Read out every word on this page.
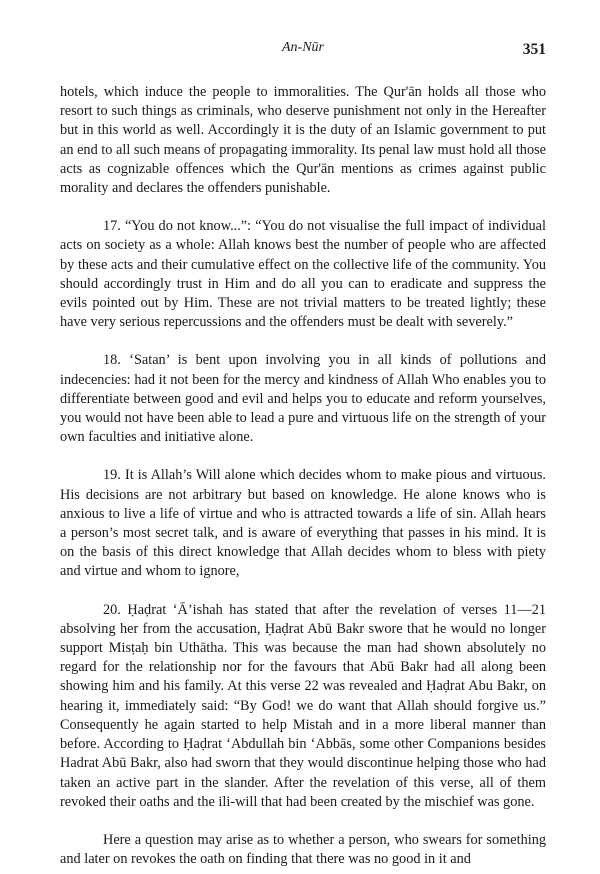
An-Nūr	351

hotels, which induce the people to immoralities. The Qur'ān holds all those who resort to such things as criminals, who deserve punishment not only in the Hereafter but in this world as well. Accordingly it is the duty of an Islamic government to put an end to all such means of propagating immorality. Its penal law must hold all those acts as cognizable offences which the Qur'ān mentions as crimes against public morality and declares the offenders punishable.

17. “You do not know...”: “You do not visualise the full impact of individual acts on society as a whole: Allah knows best the number of people who are affected by these acts and their cumulative effect on the collective life of the community. You should accordingly trust in Him and do all you can to eradicate and suppress the evils pointed out by Him. These are not trivial matters to be treated lightly; these have very serious repercussions and the offenders must be dealt with severely.”

18. ‘Satan’ is bent upon involving you in all kinds of pollutions and indecencies: had it not been for the mercy and kindness of Allah Who enables you to differentiate between good and evil and helps you to educate and reform yourselves, you would not have been able to lead a pure and virtuous life on the strength of your own faculties and initiative alone.

19. It is Allah’s Will alone which decides whom to make pious and virtuous. His decisions are not arbitrary but based on knowledge. He alone knows who is anxious to live a life of virtue and who is attracted towards a life of sin. Allah hears a person’s most secret talk, and is aware of everything that passes in his mind. It is on the basis of this direct knowledge that Allah decides whom to bless with piety and virtue and whom to ignore,

20. Ḥaḍrat ‘Ā’ishah has stated that after the revelation of verses 11—21 absolving her from the accusation, Ḥaḍrat Abū Bakr swore that he would no longer support Misṭaḥ bin Uthātha. This was because the man had shown absolutely no regard for the relationship nor for the favours that Abū Bakr had all along been showing him and his family. At this verse 22 was revealed and Ḥaḍrat Abu Bakr, on hearing it, immediately said: “By God! we do want that Allah should forgive us.” Consequently he again started to help Mistah and in a more liberal manner than before. According to Ḥaḍrat ‘Abdullah bin ‘Abbās, some other Companions besides Hadrat Abū Bakr, also had sworn that they would discontinue helping those who had taken an active part in the slander. After the revelation of this verse, all of them revoked their oaths and the ili-will that had been created by the mischief was gone.

Here a question may arise as to whether a person, who swears for something and later on revokes the oath on finding that there was no good in it and
